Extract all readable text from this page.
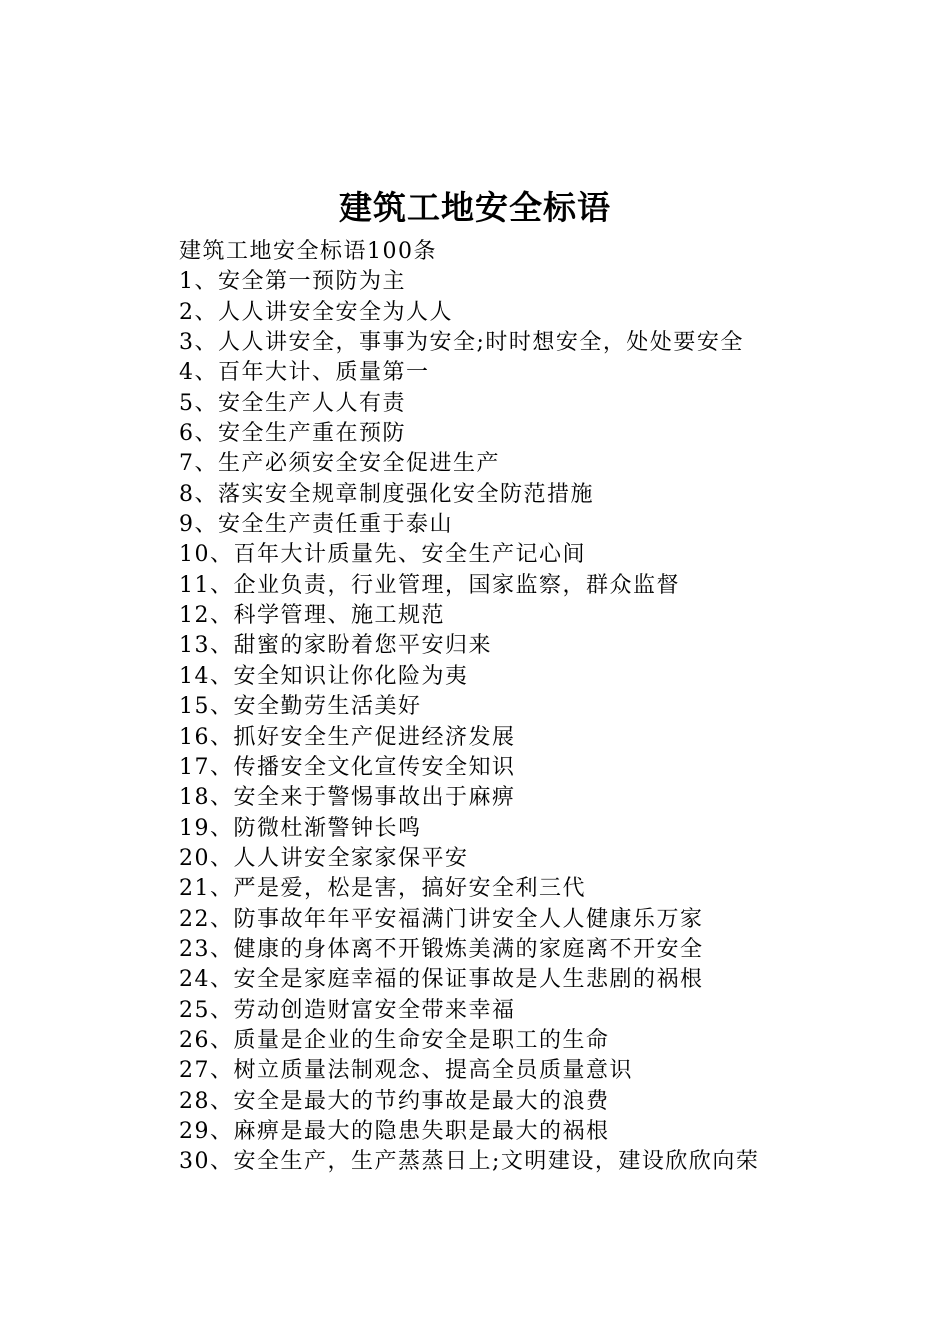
建筑工地安全标语
建筑工地安全标语100条
1、安全第一预防为主
2、人人讲安全安全为人人
3、人人讲安全，事事为安全;时时想安全，处处要安全
4、百年大计、质量第一
5、安全生产人人有责
6、安全生产重在预防
7、生产必须安全安全促进生产
8、落实安全规章制度强化安全防范措施
9、安全生产责任重于泰山
10、百年大计质量先、安全生产记心间
11、企业负责，行业管理，国家监察，群众监督
12、科学管理、施工规范
13、甜蜜的家盼着您平安归来
14、安全知识让你化险为夷
15、安全勤劳生活美好
16、抓好安全生产促进经济发展
17、传播安全文化宣传安全知识
18、安全来于警惕事故出于麻痹
19、防微杜渐警钟长鸣
20、人人讲安全家家保平安
21、严是爱，松是害，搞好安全利三代
22、防事故年年平安福满门讲安全人人健康乐万家
23、健康的身体离不开锻炼美满的家庭离不开安全
24、安全是家庭幸福的保证事故是人生悲剧的祸根
25、劳动创造财富安全带来幸福
26、质量是企业的生命安全是职工的生命
27、树立质量法制观念、提高全员质量意识
28、安全是最大的节约事故是最大的浪费
29、麻痹是最大的隐患失职是最大的祸根
30、安全生产，生产蒸蒸日上;文明建设，建设欣欣向荣
